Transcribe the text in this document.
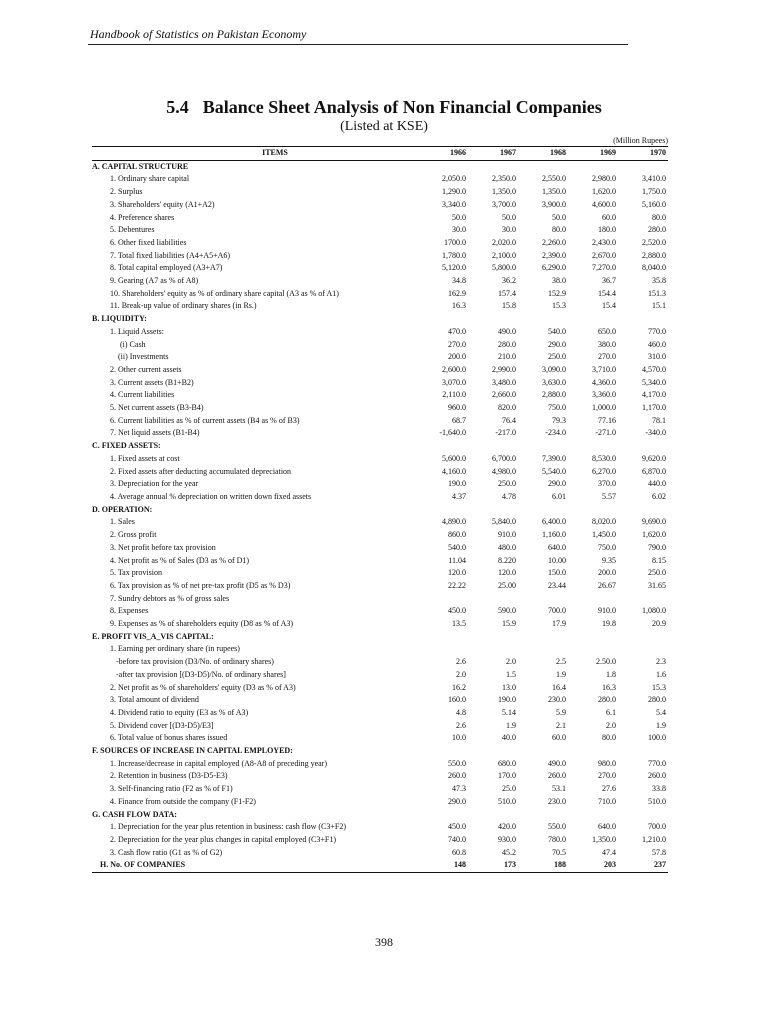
Handbook of Statistics on Pakistan Economy
5.4 Balance Sheet Analysis of Non Financial Companies
(Listed at KSE)
(Million Rupees)
ITEMS	1966	1967	1968	1969	1970
A. CAPITAL STRUCTURE					
1. Ordinary share capital	2,050.0	2,350.0	2,550.0	2,980.0	3,410.0
2. Surplus	1,290.0	1,350.0	1,350.0	1,620.0	1,750.0
3. Shareholders' equity (A1+A2)	3,340.0	3,700.0	3,900.0	4,600.0	5,160.0
4. Preference shares	50.0	50.0	50.0	60.0	80.0
5. Debentures	30.0	30.0	80.0	180.0	280.0
6. Other fixed liabilities	1700.0	2,020.0	2,260.0	2,430.0	2,520.0
7. Total fixed liabilities (A4+A5+A6)	1,780.0	2,100.0	2,390.0	2,670.0	2,880.0
8. Total capital employed (A3+A7)	5,120.0	5,800.0	6,290.0	7,270.0	8,040.0
9. Gearing (A7 as % of A8)	34.8	36.2	38.0	36.7	35.8
10. Shareholders' equity as % of ordinary share capital (A3 as % of A1)	162.9	157.4	152.9	154.4	151.3
11. Break-up value of ordinary shares (in Rs.)	16.3	15.8	15.3	15.4	15.1
B. LIQUIDITY:					
1. Liquid Assets:	470.0	490.0	540.0	650.0	770.0
(i) Cash	270.0	280.0	290.0	380.0	460.0
(ii) Investments	200.0	210.0	250.0	270.0	310.0
2. Other current assets	2,600.0	2,990.0	3,090.0	3,710.0	4,570.0
3. Current assets (B1+B2)	3,070.0	3,480.0	3,630.0	4,360.0	5,340.0
4. Current liabilities	2,110.0	2,660.0	2,880.0	3,360.0	4,170.0
5. Net current assets (B3-B4)	960.0	820.0	750.0	1,000.0	1,170.0
6. Current liabilities as % of current assets (B4 as % of B3)	68.7	76.4	79.3	77.16	78.1
7. Net liquid assets (B1-B4)	-1,640.0	-217.0	-234.0	-271.0	-340.0
C. FIXED ASSETS:					
1. Fixed assets at cost	5,600.0	6,700.0	7,390.0	8,530.0	9,620.0
2. Fixed assets after deducting accumulated depreciation	4,160.0	4,980.0	5,540.0	6,270.0	6,870.0
3. Depreciation for the year	190.0	250.0	290.0	370.0	440.0
4. Average annual % depreciation on written down fixed assets	4.37	4.78	6.01	5.57	6.02
D. OPERATION:					
1. Sales	4,890.0	5,840.0	6,400.0	8,020.0	9,690.0
2. Gross profit	860.0	910.0	1,160.0	1,450.0	1,620.0
3. Net profit before tax provision	540.0	480.0	640.0	750.0	790.0
4. Net profit as % of Sales (D3 as % of D1)	11.04	8.220	10.00	9.35	8.15
5. Tax provision	120.0	120.0	150.0	200.0	250.0
6. Tax provision as % of net pre-tax profit (D5 as % D3)	22.22	25.00	23.44	26.67	31.65
7. Sundry debtors as % of gross sales					
8. Expenses	450.0	590.0	700.0	910.0	1,080.0
9. Expenses as % of shareholders equity (D8 as % of A3)	13.5	15.9	17.9	19.8	20.9
E. PROFIT VIS_A_VIS CAPITAL:					
1. Earning per ordinary share (in rupees)					
-before tax provision (D3/No. of ordinary shares)	2.6	2.0	2.5	2.50.0	2.3
-after tax provision [(D3-D5)/No. of ordinary shares]	2.0	1.5	1.9	1.8	1.6
2. Net profit as % of shareholders' equity (D3 as % of A3)	16.2	13.0	16.4	16.3	15.3
3. Total amount of dividend	160.0	190.0	230.0	280.0	280.0
4. Dividend ratio to equity (E3 as % of A3)	4.8	5.14	5.9	6.1	5.4
5. Dividend cover [(D3-D5)/E3]	2.6	1.9	2.1	2.0	1.9
6. Total value of bonus shares issued	10.0	40.0	60.0	80.0	100.0
F. SOURCES OF INCREASE IN CAPITAL EMPLOYED:					
1. Increase/decrease in capital employed (A8-A8 of preceding year)	550.0	680.0	490.0	980.0	770.0
2. Retention in business (D3-D5-E3)	260.0	170.0	260.0	270.0	260.0
3. Self-financing ratio (F2 as % of F1)	47.3	25.0	53.1	27.6	33.8
4. Finance from outside the company (F1-F2)	290.0	510.0	230.0	710.0	510.0
G. CASH FLOW DATA:					
1. Depreciation for the year plus retention in business: cash flow (C3+F2)	450.0	420.0	550.0	640.0	700.0
2. Depreciation for the year plus changes in capital employed (C3+F1)	740.0	930.0	780.0	1,350.0	1,210.0
3. Cash flow ratio (G1 as % of G2)	60.8	45.2	70.5	47.4	57.8
H. No. OF COMPANIES	148	173	188	203	237
398
